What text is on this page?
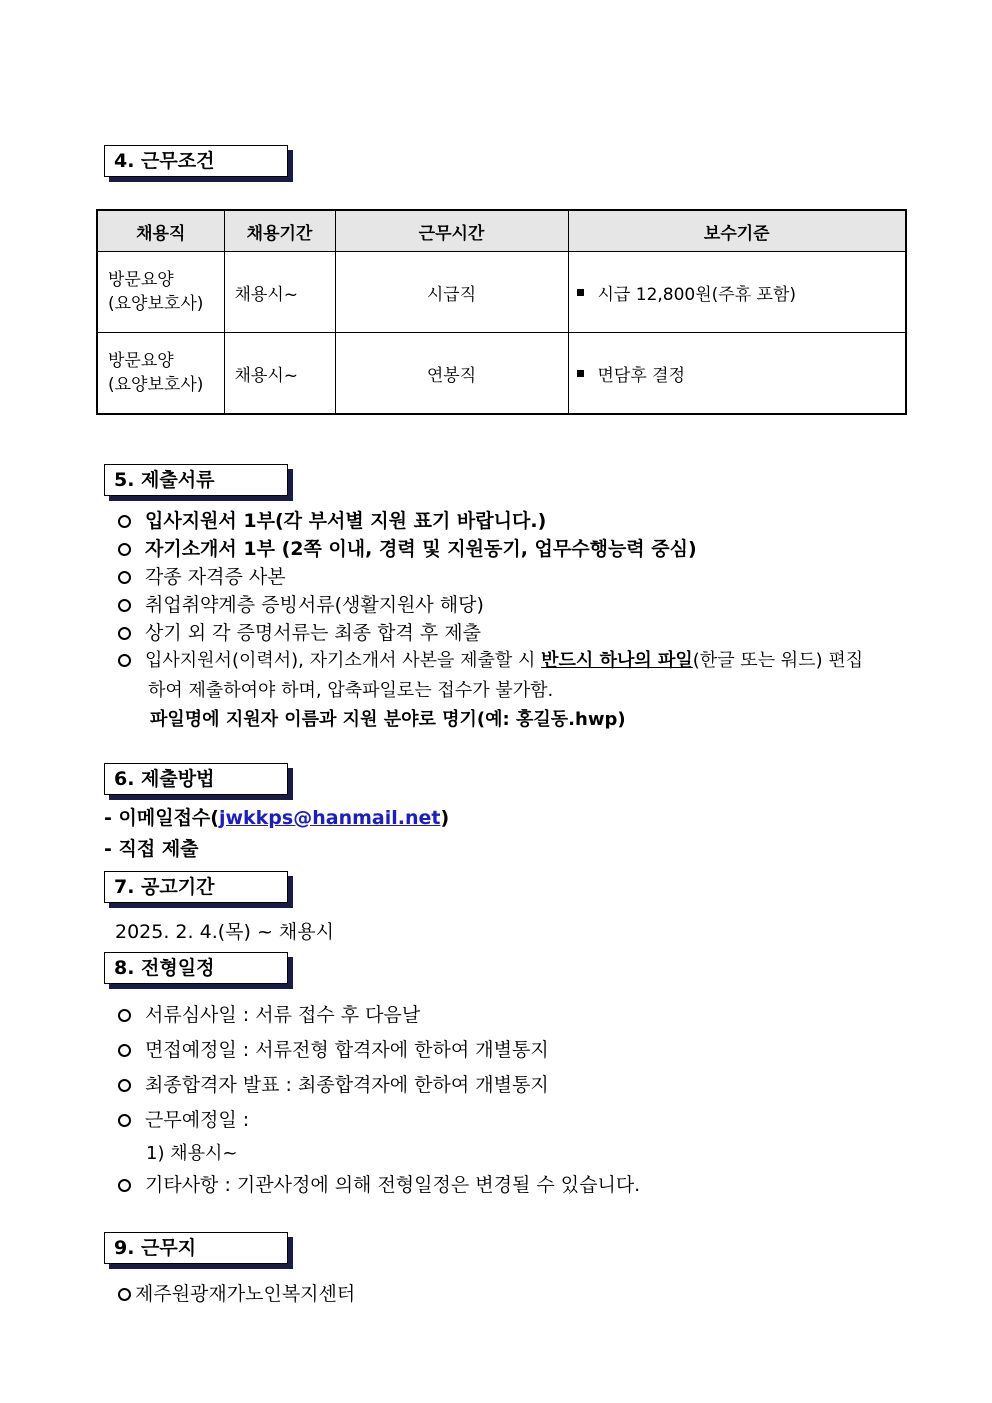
4. 근무조건
채용직	채용기간	근무시간	보수기준

방문요양
(요양보호사)	채용시~	시급직	시급 12,800원(주휴 포함)

방문요양
(요양보호사)	채용시~	연봉직	면담후 결정
5. 제출서류
입사지원서 1부(각 부서별 지원 표기 바랍니다.)
자기소개서 1부 (2쪽 이내, 경력 및 지원동기, 업무수행능력 중심)
각종 자격증 사본
취업취약계층 증빙서류(생활지원사 해당)
상기 외 각 증명서류는 최종 합격 후 제출
입사지원서(이력서), 자기소개서 사본을 제출할 시 반드시 하나의 파일(한글 또는 워드) 편집
하여 제출하여야 하며, 압축파일로는 접수가 불가함.
파일명에 지원자 이름과 지원 분야로 명기(예: 홍길동.hwp)
6. 제출방법
- 이메일접수(jwkkps@hanmail.net)
- 직접 제출
7. 공고기간
2025. 2. 4.(목) ~ 채용시
8. 전형일정
서류심사일 : 서류 접수 후 다음날
면접예정일 : 서류전형 합격자에 한하여 개별통지
최종합격자 발표 : 최종합격자에 한하여 개별통지
근무예정일 :
1) 채용시~
기타사항 : 기관사정에 의해 전형일정은 변경될 수 있습니다.
9. 근무지
제주원광재가노인복지센터
